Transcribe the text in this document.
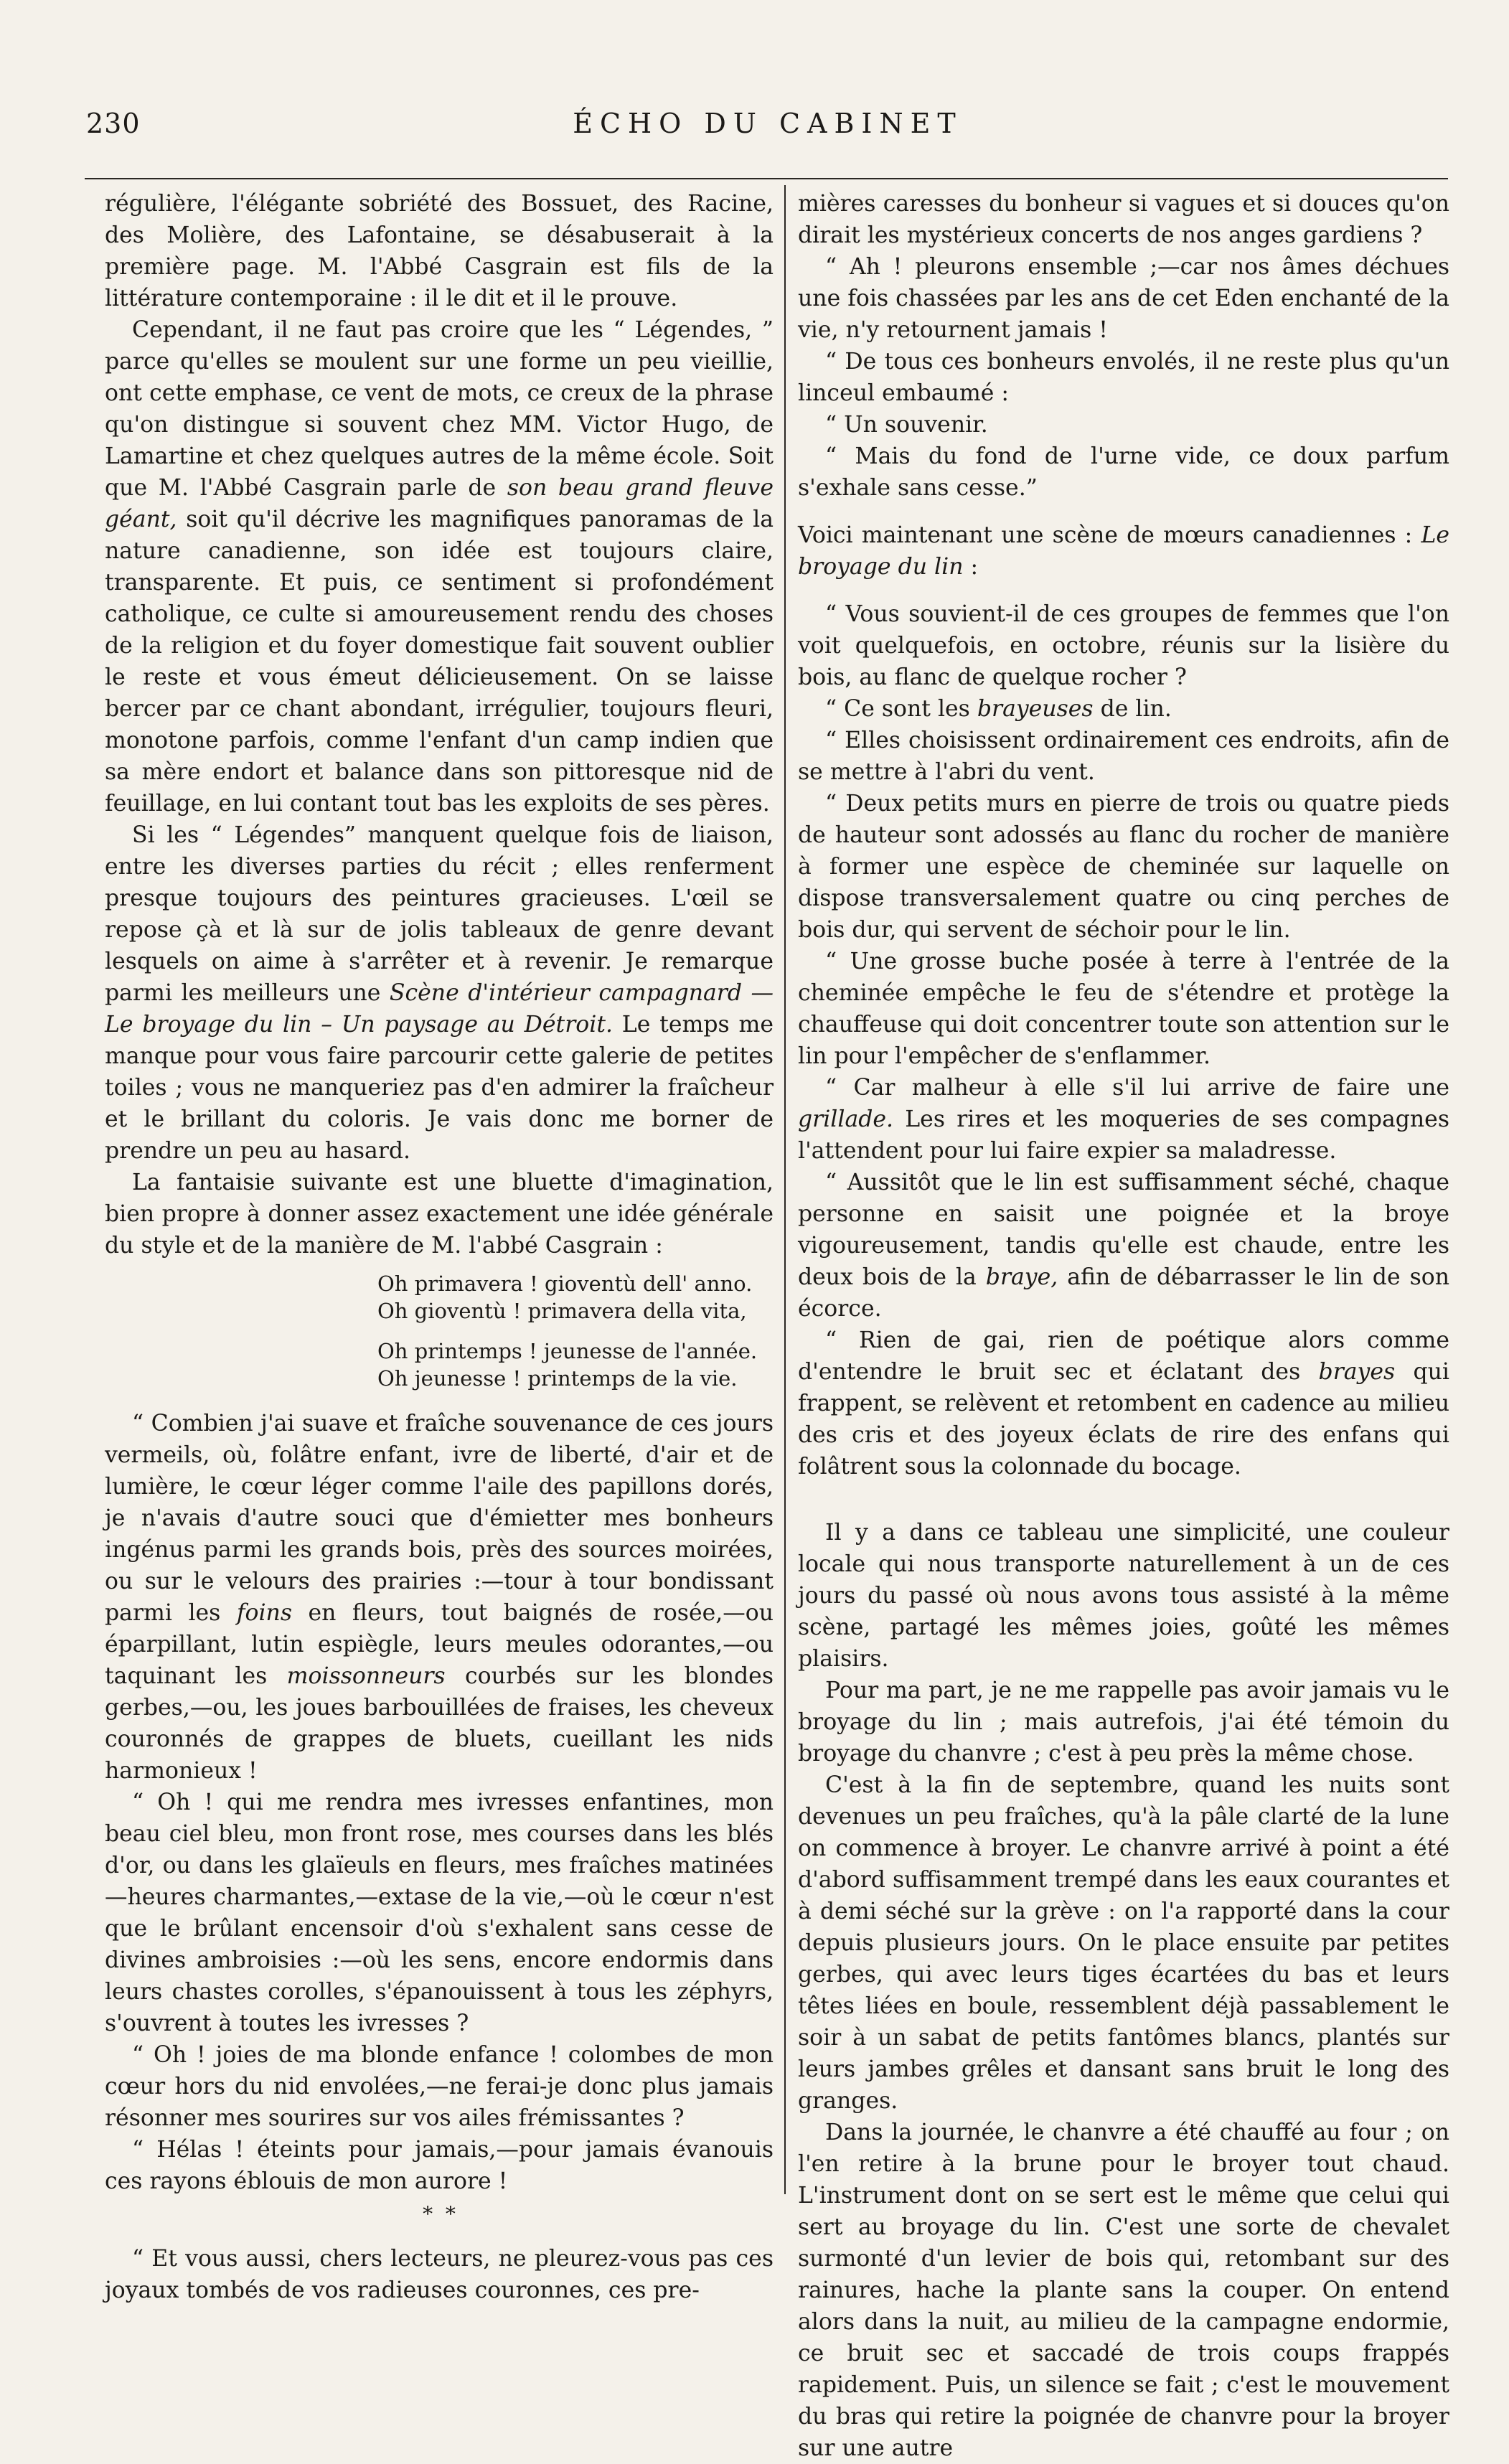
230	ÉCHO DU CABINET

régulière, l'élégante sobriété des Bossuet, des Racine, des Molière, des Lafontaine, se désabuserait à la première page. M. l'Abbé Casgrain est fils de la littérature contemporaine : il le dit et il le prouve.

Cependant, il ne faut pas croire que les “ Légendes, ” parce qu'elles se moulent sur une forme un peu vieillie, ont cette emphase, ce vent de mots, ce creux de la phrase qu'on distingue si souvent chez MM. Victor Hugo, de Lamartine et chez quelques autres de la même école. Soit que M. l'Abbé Casgrain parle de son beau grand fleuve géant, soit qu'il décrive les magnifiques panoramas de la nature canadienne, son idée est toujours claire, transparente. Et puis, ce sentiment si profondément catholique, ce culte si amoureusement rendu des choses de la religion et du foyer domestique fait souvent oublier le reste et vous émeut délicieusement. On se laisse bercer par ce chant abondant, irrégulier, toujours fleuri, monotone parfois, comme l'enfant d'un camp indien que sa mère endort et balance dans son pittoresque nid de feuillage, en lui contant tout bas les exploits de ses pères.

Si les “ Légendes” manquent quelque fois de liaison, entre les diverses parties du récit ; elles renferment presque toujours des peintures gracieuses. L'œil se repose çà et là sur de jolis tableaux de genre devant lesquels on aime à s'arrêter et à revenir. Je remarque parmi les meilleurs une Scène d'intérieur campagnard —Le broyage du lin – Un paysage au Détroit. Le temps me manque pour vous faire parcourir cette galerie de petites toiles ; vous ne manqueriez pas d'en admirer la fraîcheur et le brillant du coloris. Je vais donc me borner de prendre un peu au hasard.

La fantaisie suivante est une bluette d'imagination, bien propre à donner assez exactement une idée générale du style et de la manière de M. l'abbé Casgrain :

Oh primavera ! gioventù dell' anno.
Oh gioventù ! primavera della vita,
Oh printemps ! jeunesse de l'année.
Oh jeunesse ! printemps de la vie.

“ Combien j'ai suave et fraîche souvenance de ces jours vermeils, où, folâtre enfant, ivre de liberté, d'air et de lumière, le cœur léger comme l'aile des papillons dorés, je n'avais d'autre souci que d'émietter mes bonheurs ingénus parmi les grands bois, près des sources moirées, ou sur le velours des prairies :—tour à tour bondissant parmi les foins en fleurs, tout baignés de rosée,—ou éparpillant, lutin espiègle, leurs meules odorantes,—ou taquinant les moissonneurs courbés sur les blondes gerbes,—ou, les joues barbouillées de fraises, les cheveux couronnés de grappes de bluets, cueillant les nids harmonieux !

“ Oh ! qui me rendra mes ivresses enfantines, mon beau ciel bleu, mon front rose, mes courses dans les blés d'or, ou dans les glaïeuls en fleurs, mes fraîches matinées—heures charmantes,—extase de la vie,—où le cœur n'est que le brûlant encensoir d'où s'exhalent sans cesse de divines ambroisies :—où les sens, encore endormis dans leurs chastes corolles, s'épanouissent à tous les zéphyrs, s'ouvrent à toutes les ivresses ?

“ Oh ! joies de ma blonde enfance ! colombes de mon cœur hors du nid envolées,—ne ferai-je donc plus jamais résonner mes sourires sur vos ailes frémissantes ?

“ Hélas ! éteints pour jamais,—pour jamais évanouis ces rayons éblouis de mon aurore !

*  *

“ Et vous aussi, chers lecteurs, ne pleurez-vous pas ces joyaux tombés de vos radieuses couronnes, ces pre-

mières caresses du bonheur si vagues et si douces qu'on dirait les mystérieux concerts de nos anges gardiens ?

“ Ah ! pleurons ensemble ;—car nos âmes déchues une fois chassées par les ans de cet Eden enchanté de la vie, n'y retournent jamais !

“ De tous ces bonheurs envolés, il ne reste plus qu'un linceul embaumé :

“ Un souvenir.

“ Mais du fond de l'urne vide, ce doux parfum s'exhale sans cesse.”

Voici maintenant une scène de mœurs canadiennes : Le broyage du lin :

“ Vous souvient-il de ces groupes de femmes que l'on voit quelquefois, en octobre, réunis sur la lisière du bois, au flanc de quelque rocher ?

“ Ce sont les brayeuses de lin.

“ Elles choisissent ordinairement ces endroits, afin de se mettre à l'abri du vent.

“ Deux petits murs en pierre de trois ou quatre pieds de hauteur sont adossés au flanc du rocher de manière à former une espèce de cheminée sur laquelle on dispose transversalement quatre ou cinq perches de bois dur, qui servent de séchoir pour le lin.

“ Une grosse buche posée à terre à l'entrée de la cheminée empêche le feu de s'étendre et protège la chauffeuse qui doit concentrer toute son attention sur le lin pour l'empêcher de s'enflammer.

“ Car malheur à elle s'il lui arrive de faire une grillade. Les rires et les moqueries de ses compagnes l'attendent pour lui faire expier sa maladresse.

“ Aussitôt que le lin est suffisamment séché, chaque personne en saisit une poignée et la broye vigoureusement, tandis qu'elle est chaude, entre les deux bois de la braye, afin de débarrasser le lin de son écorce.

“ Rien de gai, rien de poétique alors comme d'entendre le bruit sec et éclatant des brayes qui frappent, se relèvent et retombent en cadence au milieu des cris et des joyeux éclats de rire des enfans qui folâtrent sous la colonnade du bocage.

Il y a dans ce tableau une simplicité, une couleur locale qui nous transporte naturellement à un de ces jours du passé où nous avons tous assisté à la même scène, partagé les mêmes joies, goûté les mêmes plaisirs.

Pour ma part, je ne me rappelle pas avoir jamais vu le broyage du lin ; mais autrefois, j'ai été témoin du broyage du chanvre ; c'est à peu près la même chose.

C'est à la fin de septembre, quand les nuits sont devenues un peu fraîches, qu'à la pâle clarté de la lune on commence à broyer. Le chanvre arrivé à point a été d'abord suffisamment trempé dans les eaux courantes et à demi séché sur la grève : on l'a rapporté dans la cour depuis plusieurs jours. On le place ensuite par petites gerbes, qui avec leurs tiges écartées du bas et leurs têtes liées en boule, ressemblent déjà passablement le soir à un sabat de petits fantômes blancs, plantés sur leurs jambes grêles et dansant sans bruit le long des granges.

Dans la journée, le chanvre a été chauffé au four ; on l'en retire à la brune pour le broyer tout chaud. L'instrument dont on se sert est le même que celui qui sert au broyage du lin. C'est une sorte de chevalet surmonté d'un levier de bois qui, retombant sur des rainures, hache la plante sans la couper. On entend alors dans la nuit, au milieu de la campagne endormie, ce bruit sec et saccadé de trois coups frappés rapidement. Puis, un silence se fait ; c'est le mouvement du bras qui retire la poignée de chanvre pour la broyer sur une autre
